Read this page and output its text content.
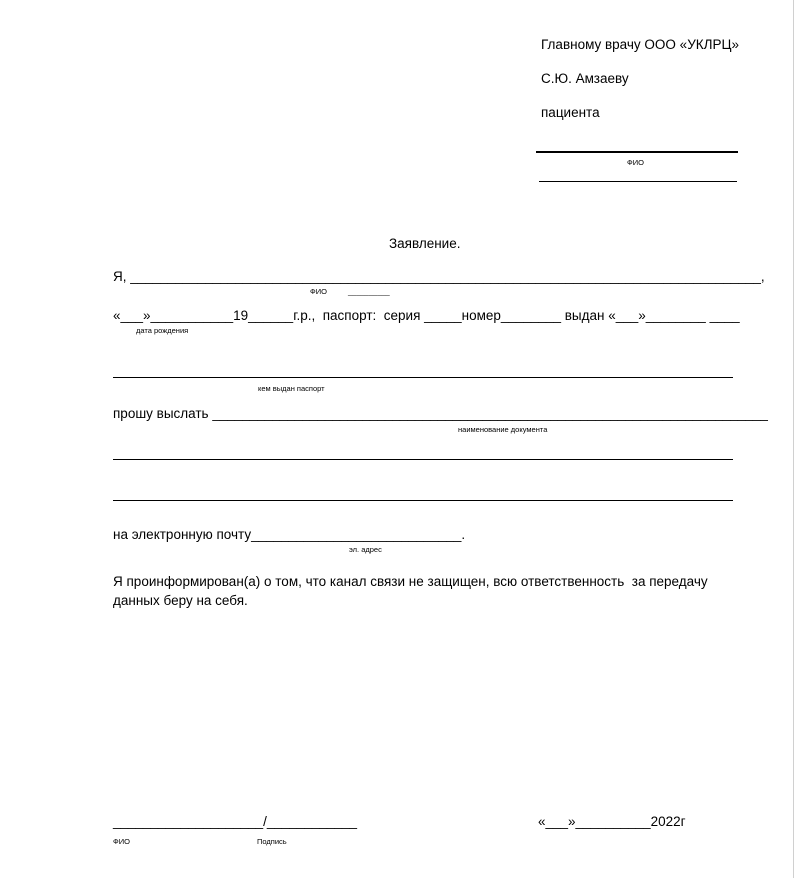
Главному врачу ООО «УКЛРЦ»
С.Ю. Амзаеву
пациента
ФИО
Заявление.
Я, ____________________________________________________________________________________,
ФИО	__________
«___»___________19______г.р.,  паспорт:  серия _____номер________ выдан «___»________ ____
дата рождения
кем выдан паспорт
прошу выслать __________________________________________________________________________
наименование документа
на электронную почту____________________________.
эл. адрес
Я проинформирован(а) о том, что канал связи не защищен, всю ответственность  за передачу
данных беру на себя.
____________________/____________
ФИО	Подпись
«___»__________2022г
